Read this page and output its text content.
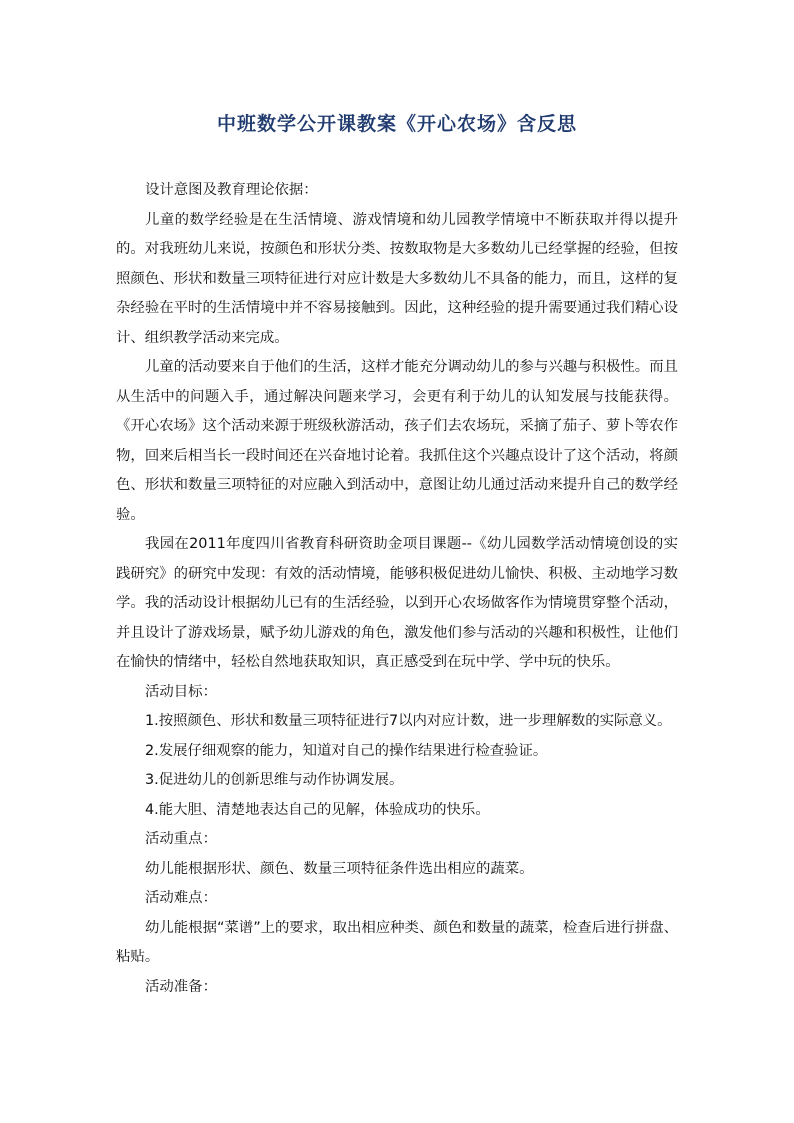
中班数学公开课教案《开心农场》含反思

设计意图及教育理论依据：

儿童的数学经验是在生活情境、游戏情境和幼儿园教学情境中不断获取并得以提升的。对我班幼儿来说，按颜色和形状分类、按数取物是大多数幼儿已经掌握的经验，但按照颜色、形状和数量三项特征进行对应计数是大多数幼儿不具备的能力，而且，这样的复杂经验在平时的生活情境中并不容易接触到。因此，这种经验的提升需要通过我们精心设计、组织教学活动来完成。

儿童的活动要来自于他们的生活，这样才能充分调动幼儿的参与兴趣与积极性。而且从生活中的问题入手，通过解决问题来学习，会更有利于幼儿的认知发展与技能获得。《开心农场》这个活动来源于班级秋游活动，孩子们去农场玩，采摘了茄子、萝卜等农作物，回来后相当长一段时间还在兴奋地讨论着。我抓住这个兴趣点设计了这个活动，将颜色、形状和数量三项特征的对应融入到活动中，意图让幼儿通过活动来提升自己的数学经验。

我园在2011年度四川省教育科研资助金项目课题--《幼儿园数学活动情境创设的实践研究》的研究中发现：有效的活动情境，能够积极促进幼儿愉快、积极、主动地学习数学。我的活动设计根据幼儿已有的生活经验，以到开心农场做客作为情境贯穿整个活动，并且设计了游戏场景，赋予幼儿游戏的角色，激发他们参与活动的兴趣和积极性，让他们在愉快的情绪中，轻松自然地获取知识，真正感受到在玩中学、学中玩的快乐。

活动目标：

1.按照颜色、形状和数量三项特征进行7以内对应计数，进一步理解数的实际意义。

2.发展仔细观察的能力，知道对自己的操作结果进行检查验证。

3.促进幼儿的创新思维与动作协调发展。

4.能大胆、清楚地表达自己的见解，体验成功的快乐。

活动重点：

幼儿能根据形状、颜色、数量三项特征条件选出相应的蔬菜。

活动难点：

幼儿能根据“菜谱”上的要求，取出相应种类、颜色和数量的蔬菜，检查后进行拼盘、粘贴。

活动准备：
